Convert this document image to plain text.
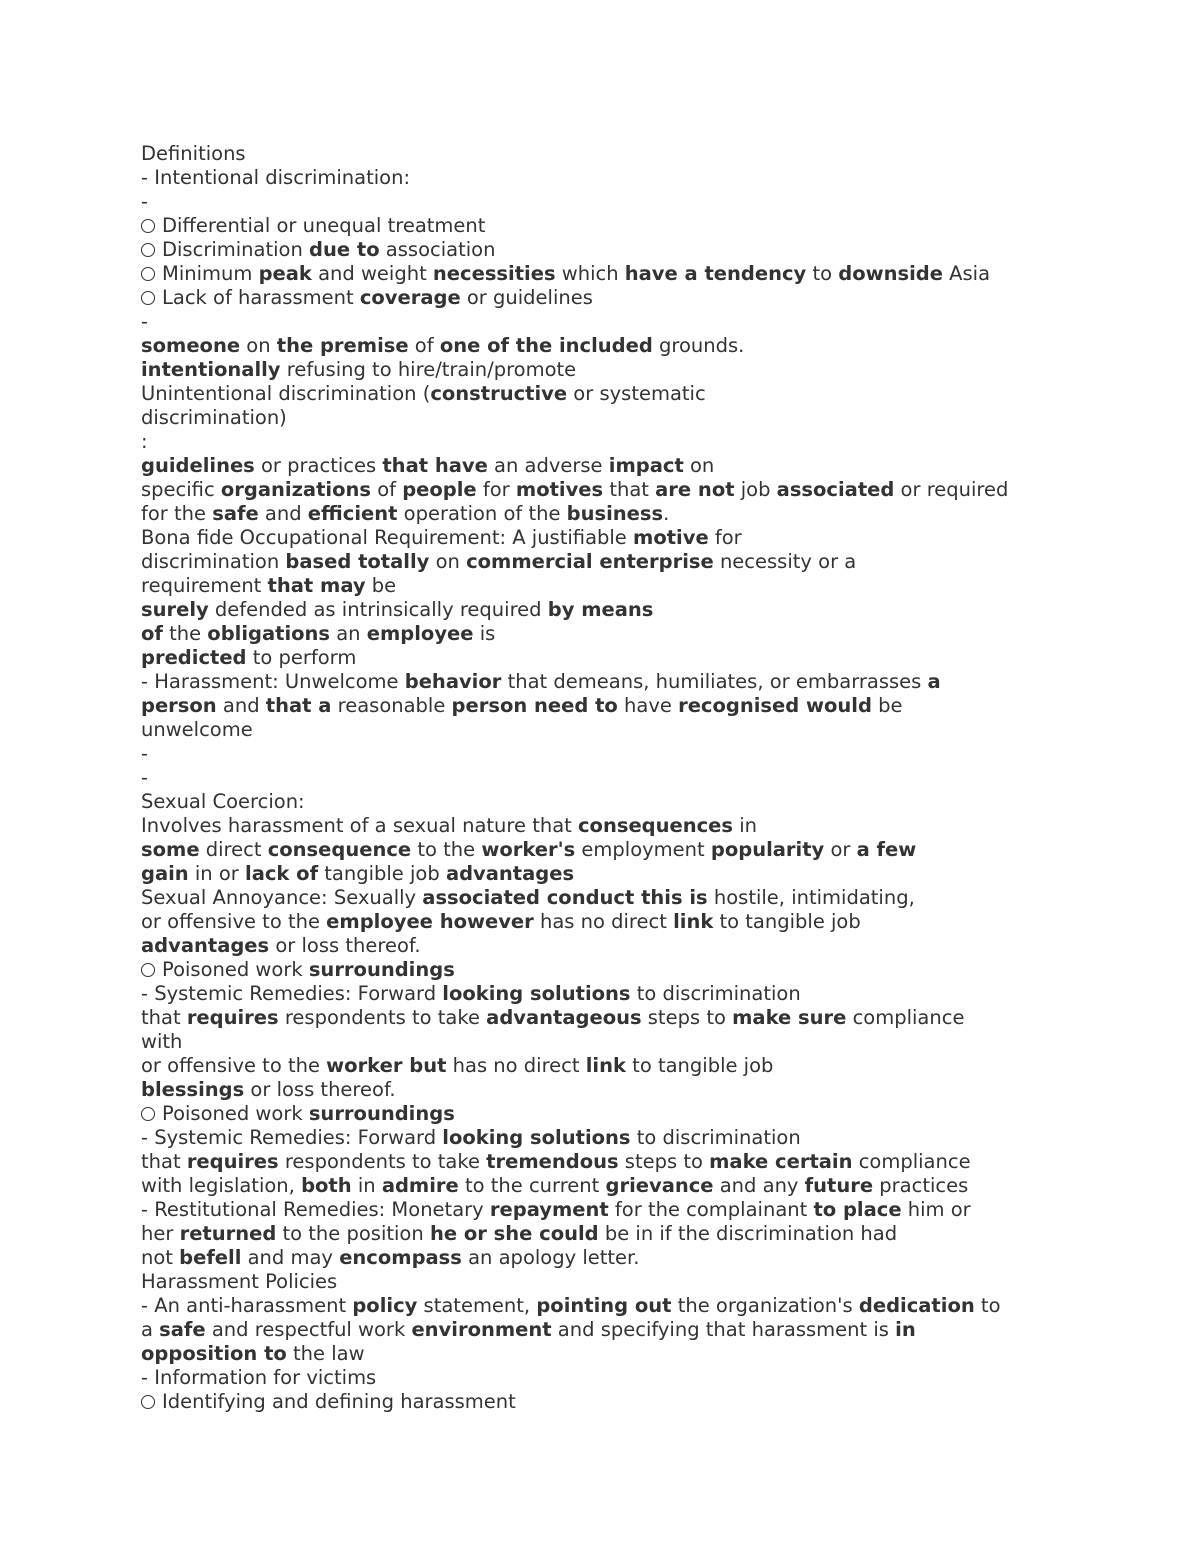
Definitions
- Intentional discrimination:
-
Differential or unequal treatment
Discrimination due to association
Minimum peak and weight necessities which have a tendency to downside Asia
Lack of harassment coverage or guidelines
-
someone on the premise of one of the included grounds.
intentionally refusing to hire/train/promote
Unintentional discrimination (constructive or systematic
discrimination)
:
guidelines or practices that have an adverse impact on
specific organizations of people for motives that are not job associated or required
for the safe and efficient operation of the business.
Bona fide Occupational Requirement: A justifiable motive for
discrimination based totally on commercial enterprise necessity or a
requirement that may be
surely defended as intrinsically required by means
of the obligations an employee is
predicted to perform
- Harassment: Unwelcome behavior that demeans, humiliates, or embarrasses a
person and that a reasonable person need to have recognised would be
unwelcome
-
-
Sexual Coercion:
Involves harassment of a sexual nature that consequences in
some direct consequence to the worker's employment popularity or a few
gain in or lack of tangible job advantages
Sexual Annoyance: Sexually associated conduct this is hostile, intimidating,
or offensive to the employee however has no direct link to tangible job
advantages or loss thereof.
Poisoned work surroundings
- Systemic Remedies: Forward looking solutions to discrimination
that requires respondents to take advantageous steps to make sure compliance
with
or offensive to the worker but has no direct link to tangible job
blessings or loss thereof.
Poisoned work surroundings
- Systemic Remedies: Forward looking solutions to discrimination
that requires respondents to take tremendous steps to make certain compliance
with legislation, both in admire to the current grievance and any future practices
- Restitutional Remedies: Monetary repayment for the complainant to place him or
her returned to the position he or she could be in if the discrimination had
not befell and may encompass an apology letter.
Harassment Policies
- An anti-harassment policy statement, pointing out the organization's dedication to
a safe and respectful work environment and specifying that harassment is in
opposition to the law
- Information for victims
Identifying and defining harassment
